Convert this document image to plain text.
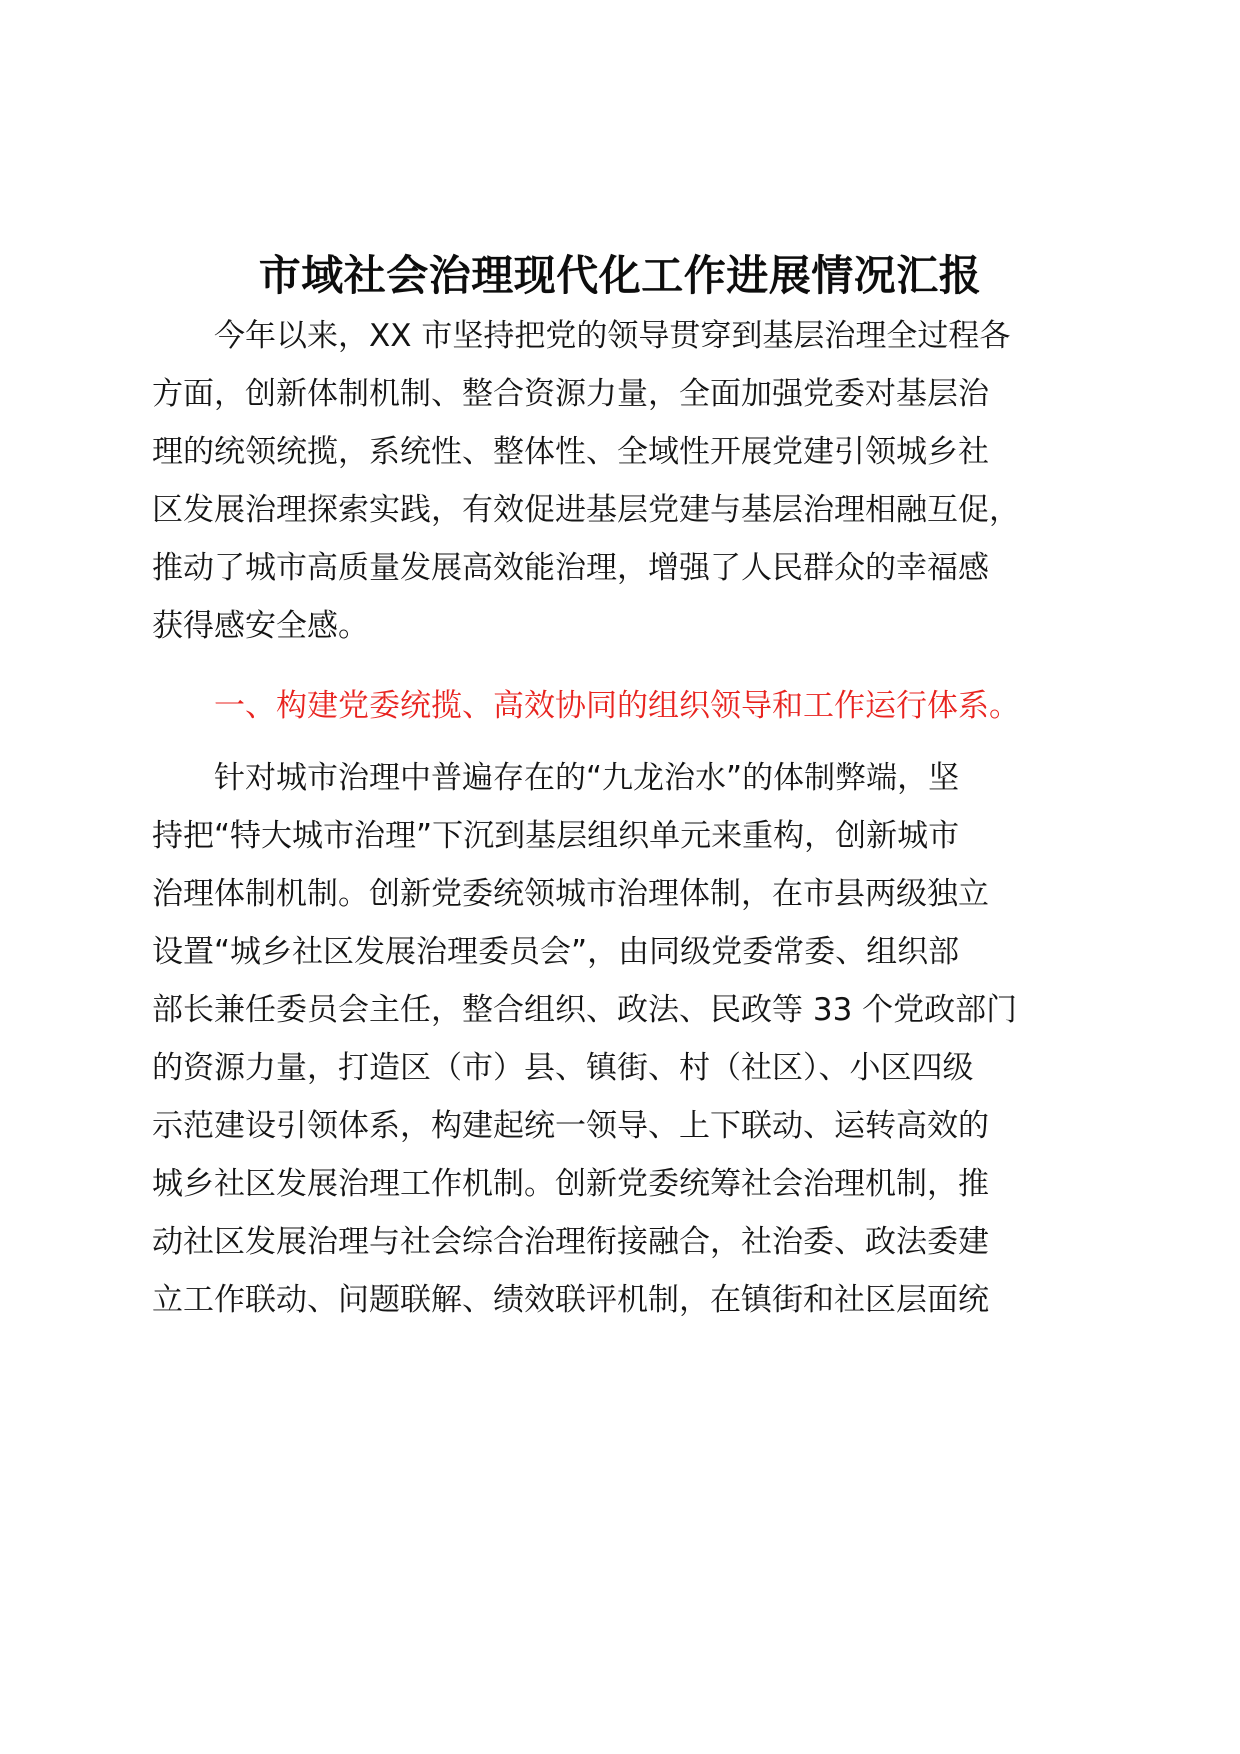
市域社会治理现代化工作进展情况汇报
今年以来，XX 市坚持把党的领导贯穿到基层治理全过程各
方面，创新体制机制、整合资源力量，全面加强党委对基层治
理的统领统揽，系统性、整体性、全域性开展党建引领城乡社
区发展治理探索实践，有效促进基层党建与基层治理相融互促，
推动了城市高质量发展高效能治理，增强了人民群众的幸福感
获得感安全感。
一、构建党委统揽、高效协同的组织领导和工作运行体系。
针对城市治理中普遍存在的“九龙治水”的体制弊端，坚
持把“特大城市治理”下沉到基层组织单元来重构，创新城市
治理体制机制。创新党委统领城市治理体制，在市县两级独立
设置“城乡社区发展治理委员会”，由同级党委常委、组织部
部长兼任委员会主任，整合组织、政法、民政等 33 个党政部门
的资源力量，打造区（市）县、镇街、村（社区）、小区四级
示范建设引领体系，构建起统一领导、上下联动、运转高效的
城乡社区发展治理工作机制。创新党委统筹社会治理机制，推
动社区发展治理与社会综合治理衔接融合，社治委、政法委建
立工作联动、问题联解、绩效联评机制，在镇街和社区层面统
